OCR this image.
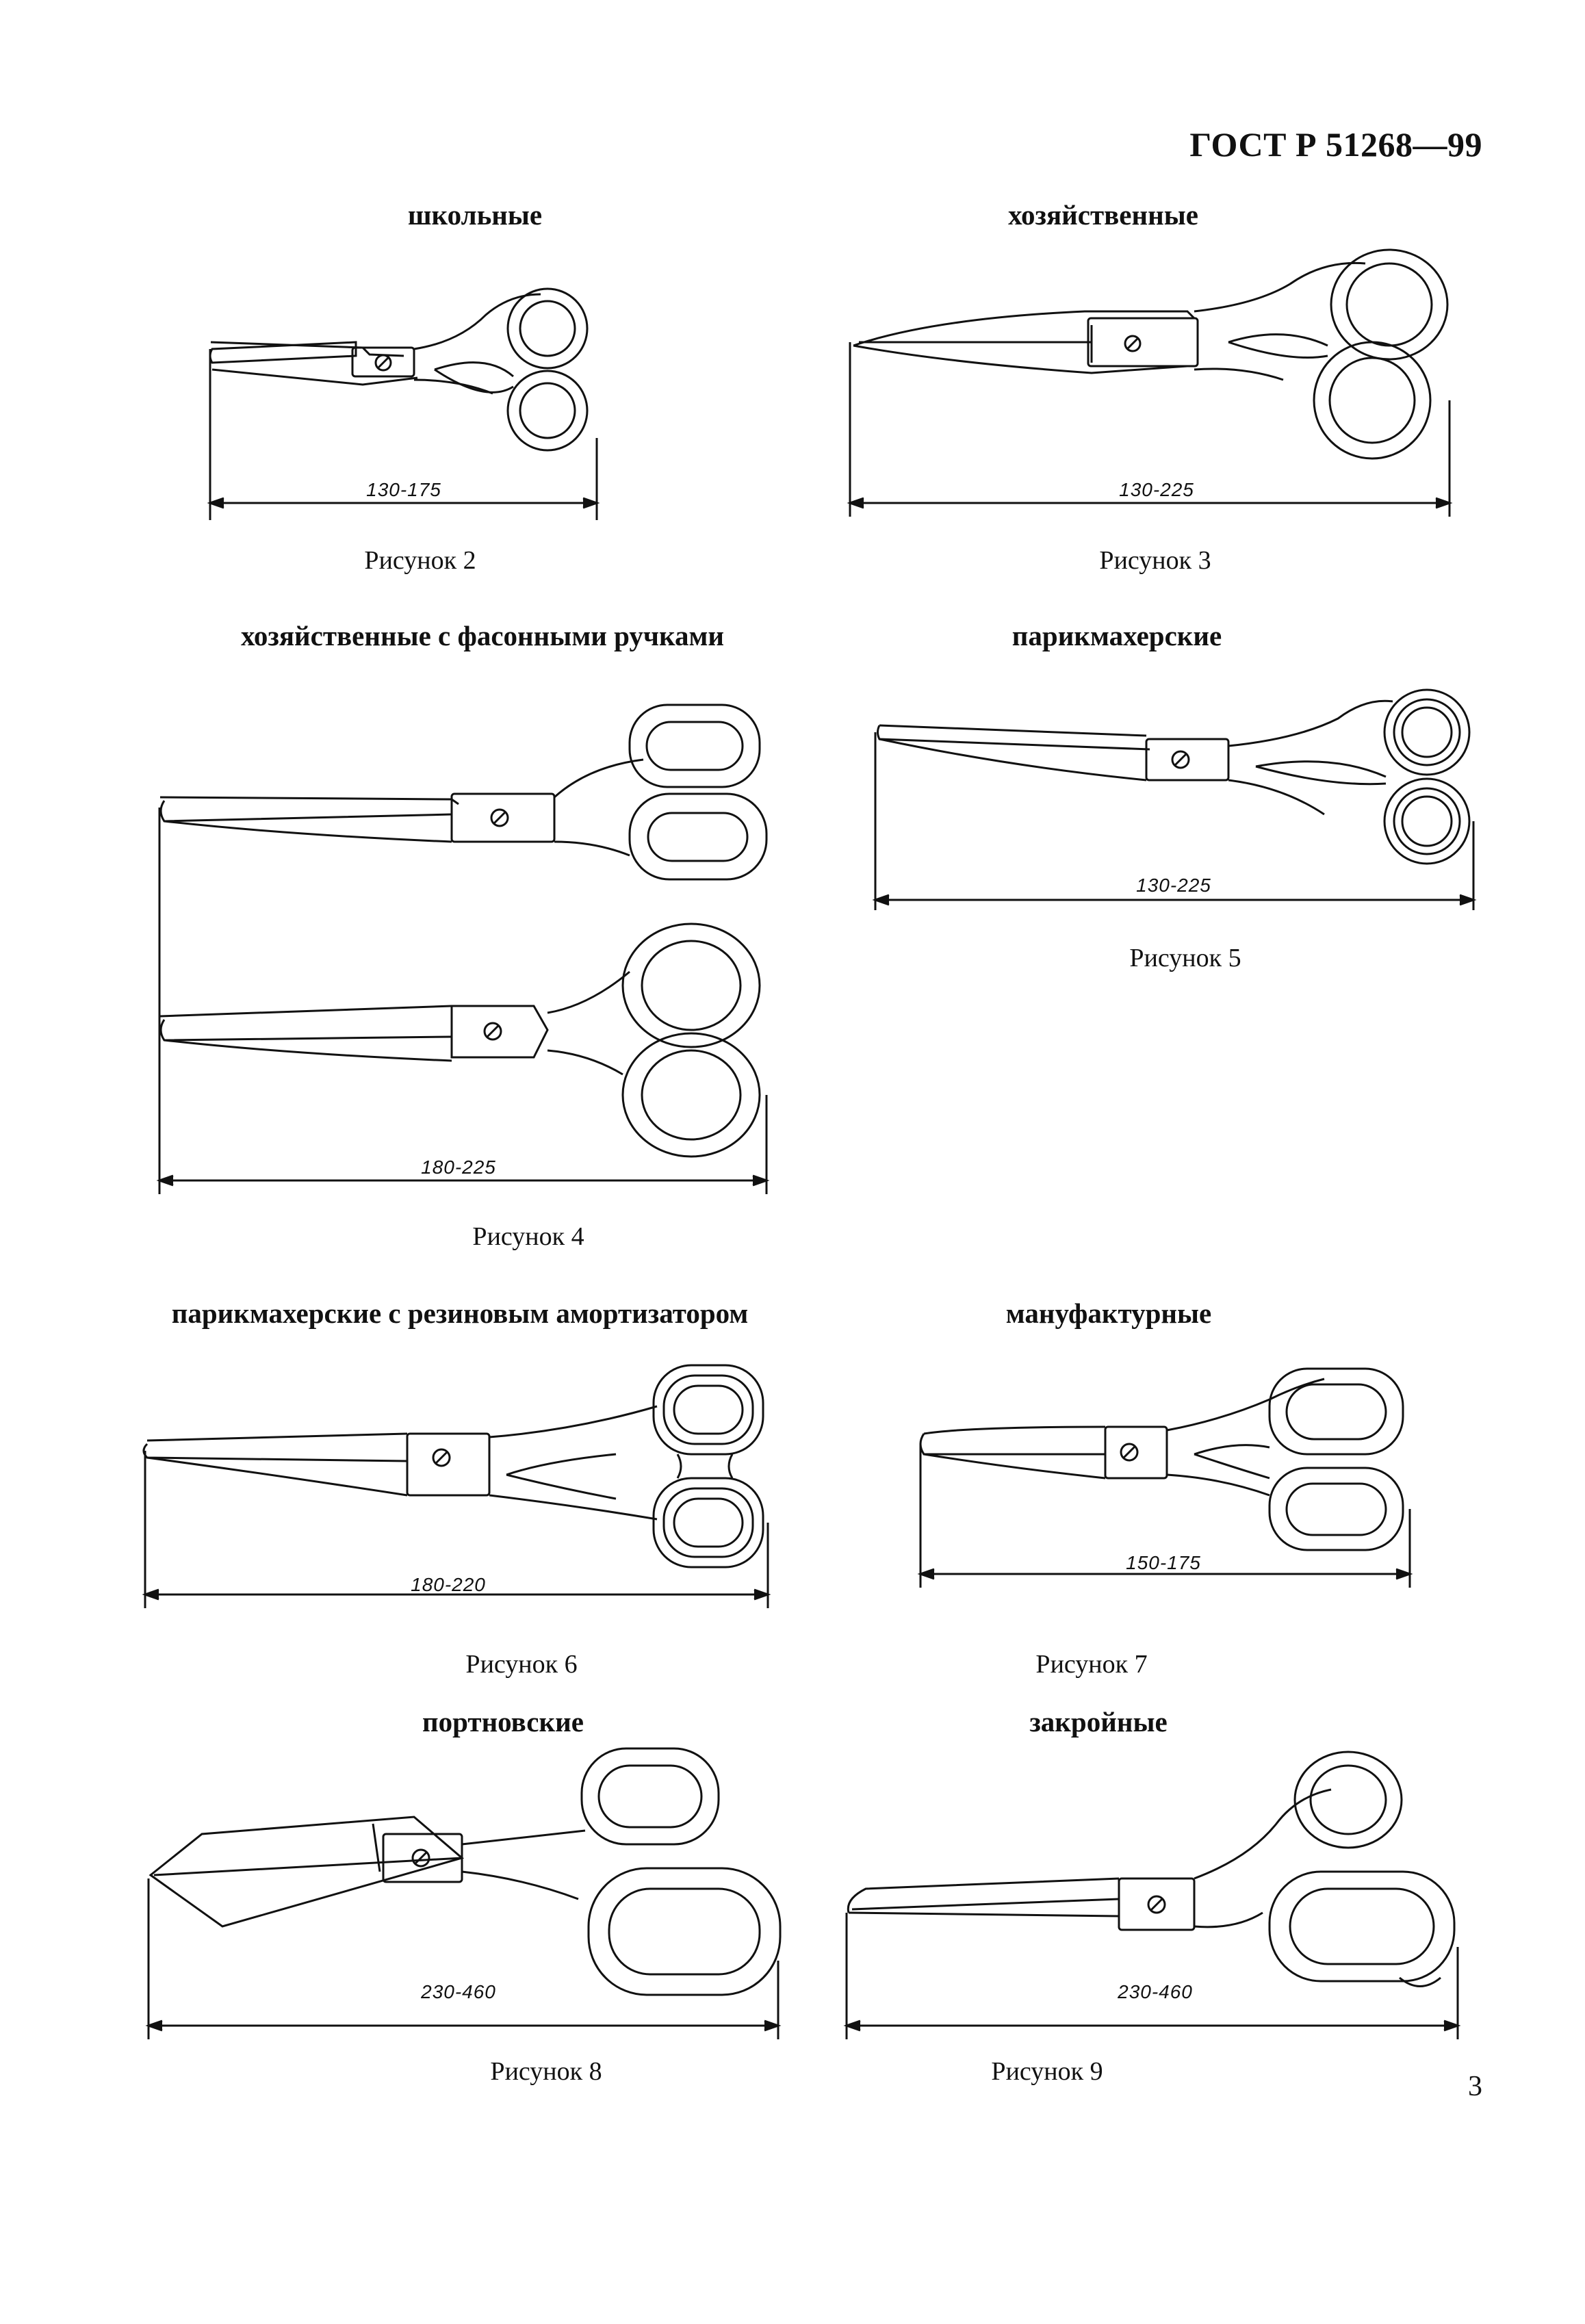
ГОСТ Р 51268—99
школьные	хозяйственные
130-175	130-225
Рисунок 2	Рисунок 3
хозяйственные с фасонными ручками	парикмахерские
180-225
130-225
Рисунок 5
Рисунок 4
парикмахерские с резиновым амортизатором	мануфактурные
180-220
150-175
Рисунок 6	Рисунок 7
портновские	закройные
230-460	230-460
Рисунок 8	Рисунок 9	3
